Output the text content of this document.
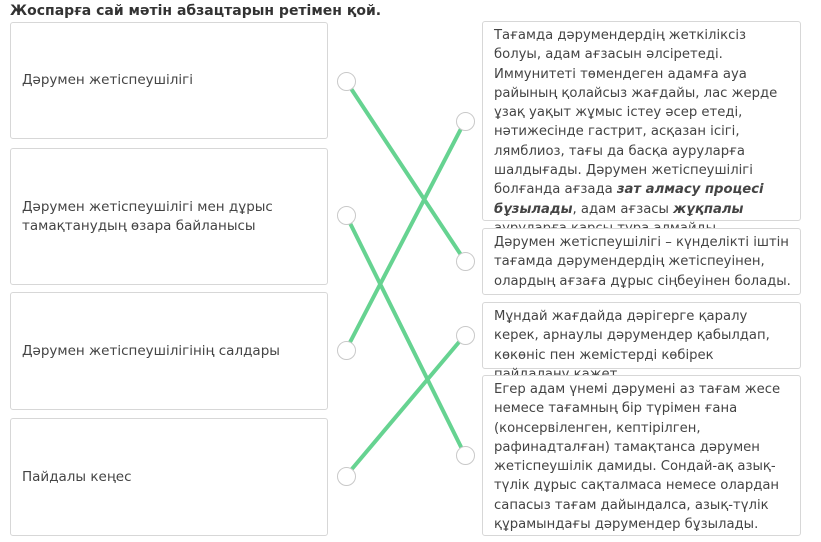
Жоспарға сай мәтін абзацтарын ретімен қой.
Дәрумен жетіспеушілігі
Дәрумен жетіспеушілігі мен дұрыс тамақтанудың өзара байланысы
Дәрумен жетіспеушілігінің салдары
Пайдалы кеңес
Тағамда дәрумендердің жеткіліксіз болуы, адам ағзасын әлсіретеді. Иммунитеті төмендеген адамға ауа райының қолайсыз жағдайы, лас жерде ұзақ уақыт жұмыс істеу әсер етеді, нәтижесінде гастрит, асқазан ісігі, лямблиоз, тағы да басқа ауруларға шалдығады. Дәрумен жетіспеушілігі болғанда ағзада зат алмасу процесі бұзылады, адам ағзасы жұқпалы
Дәрумен жетіспеушілігі – күнделікті іштін тағамда дәрумендердің жетіспеуінен, олардың ағзаға дұрыс сіңбеуінен болады.
Мұндай жағдайда дәрігерге қаралу керек, арнаулы дәрумендер қабылдап, көкөніс пен жемістерді көбірек
Егер адам үнемі дәрумені аз тағам жесе немесе тағамның бір түрімен ғана (консервіленген, кептірілген, рафинадталған) тамақтанса дәрумен жетіспеушілік дамиды. Сондай-ақ азық-түлік дұрыс сақталмаса немесе олардан сапасыз тағам дайындалса, азық-түлік құрамындағы дәрумендер бұзылады.
